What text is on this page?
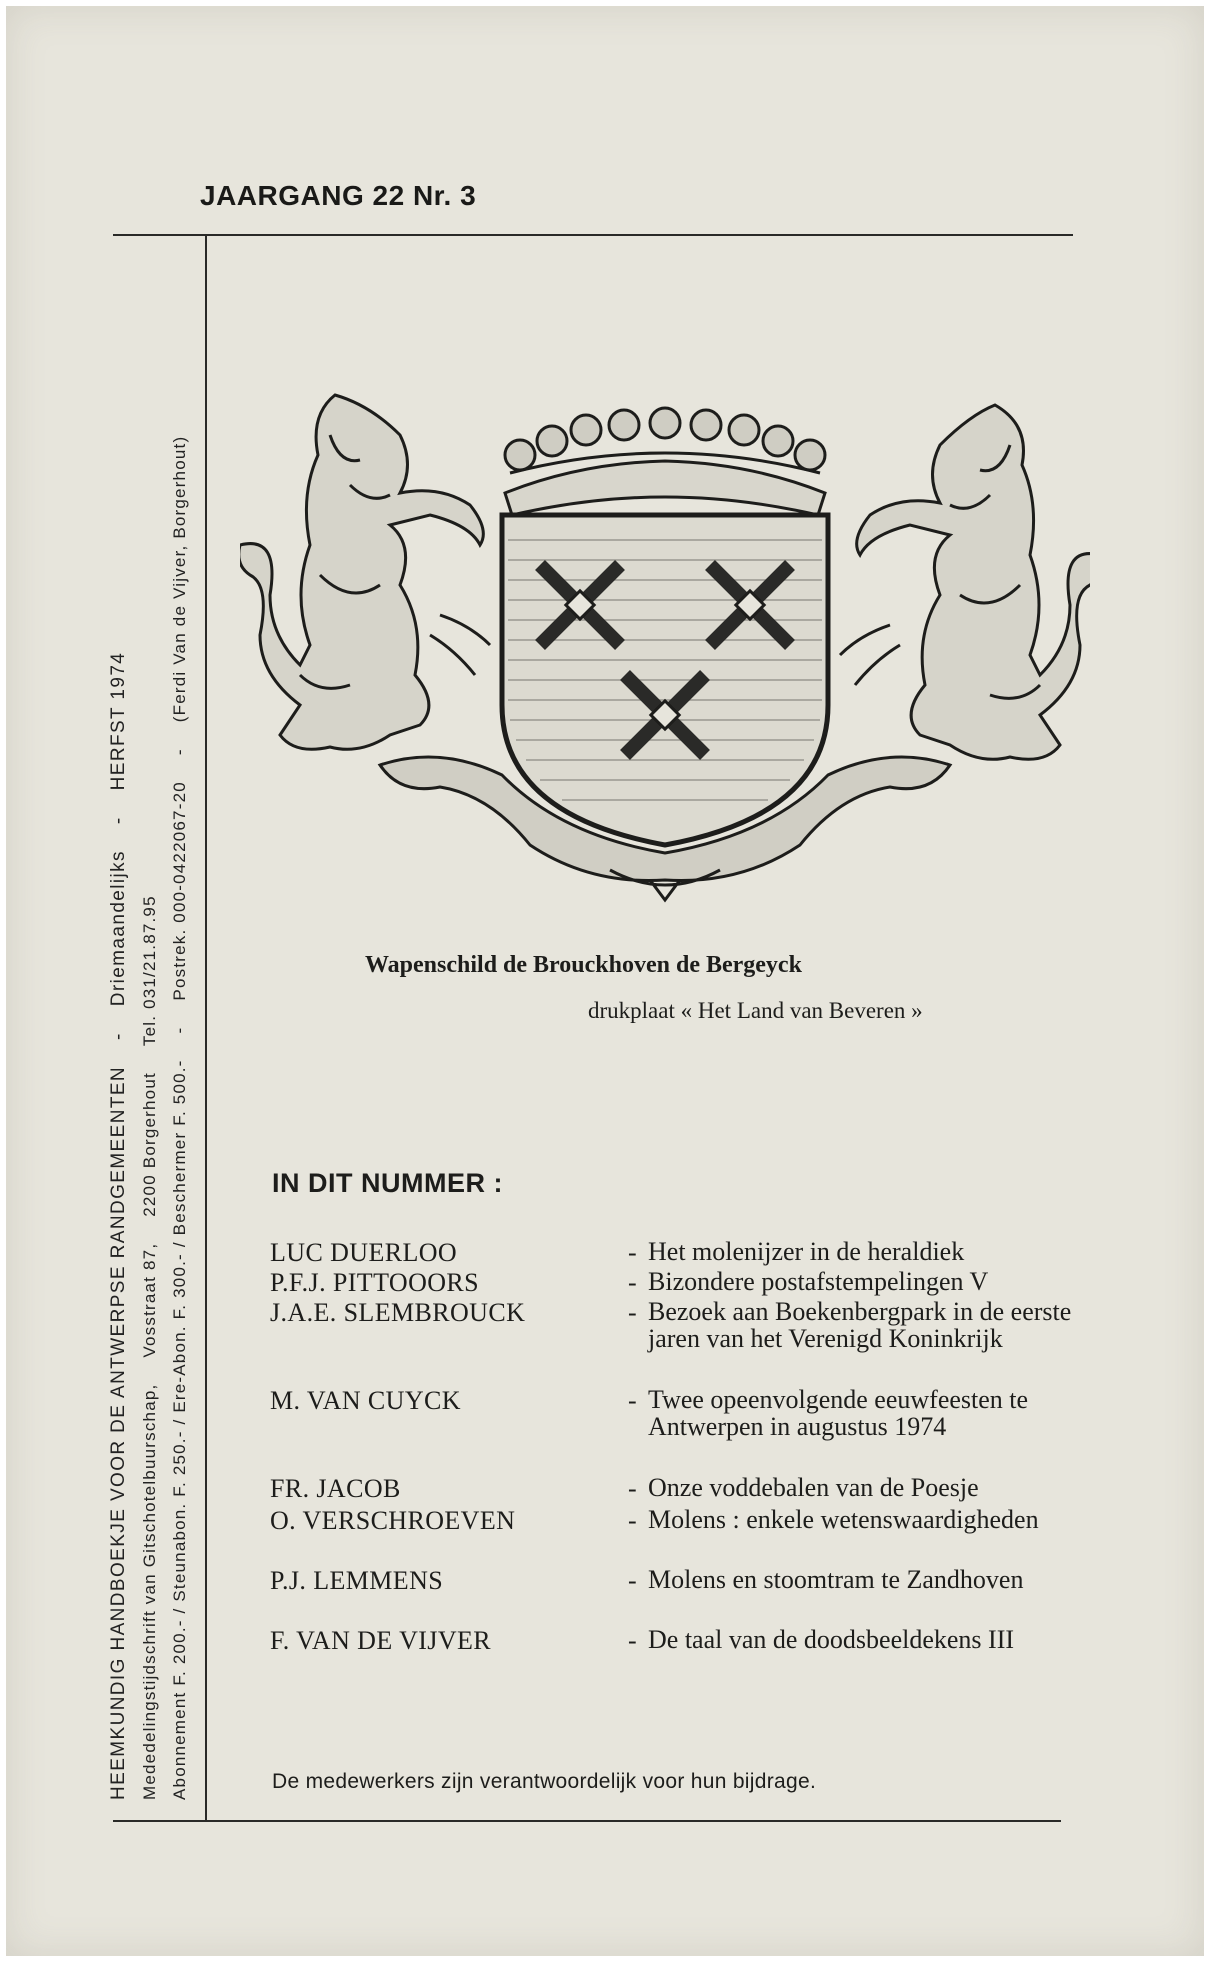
JAARGANG 22 Nr. 3
HEEMKUNDIG HANDBOEKJE VOOR DE ANTWERPSE RANDGEMEENTEN-Driemaandelijks-HERFST 1974
Mededelingstijdschrift van Gitschotelbuurschap,Vosstraat 87,2200 BorgerhoutTel. 031/21.87.95
Abonnement F. 200.- / Steunabon. F. 250.- / Ere-Abon. F. 300.- / Beschermer F. 500.--Postrek. 000-0422067-20-(Ferdi Van de Vijver, Borgerhout)
Wapenschild de Brouckhoven de Bergeyck
drukplaat « Het Land van Beveren »
IN DIT NUMMER :
LUC DUERLOO	- Het molenijzer in de heraldiek
P.F.J. PITTOOORS	- Bizondere postafstempelingen V
J.A.E. SLEMBROUCK	- Bezoek aan Boekenbergpark in de eerste jaren van het Verenigd Koninkrijk
M. VAN CUYCK	- Twee opeenvolgende eeuwfeesten te Antwerpen in augustus 1974
FR. JACOB	- Onze voddebalen van de Poesje
O. VERSCHROEVEN	- Molens : enkele wetenswaardigheden
P.J. LEMMENS	- Molens en stoomtram te Zandhoven
F. VAN DE VIJVER	- De taal van de doodsbeeldekens III
De medewerkers zijn verantwoordelijk voor hun bijdrage.
